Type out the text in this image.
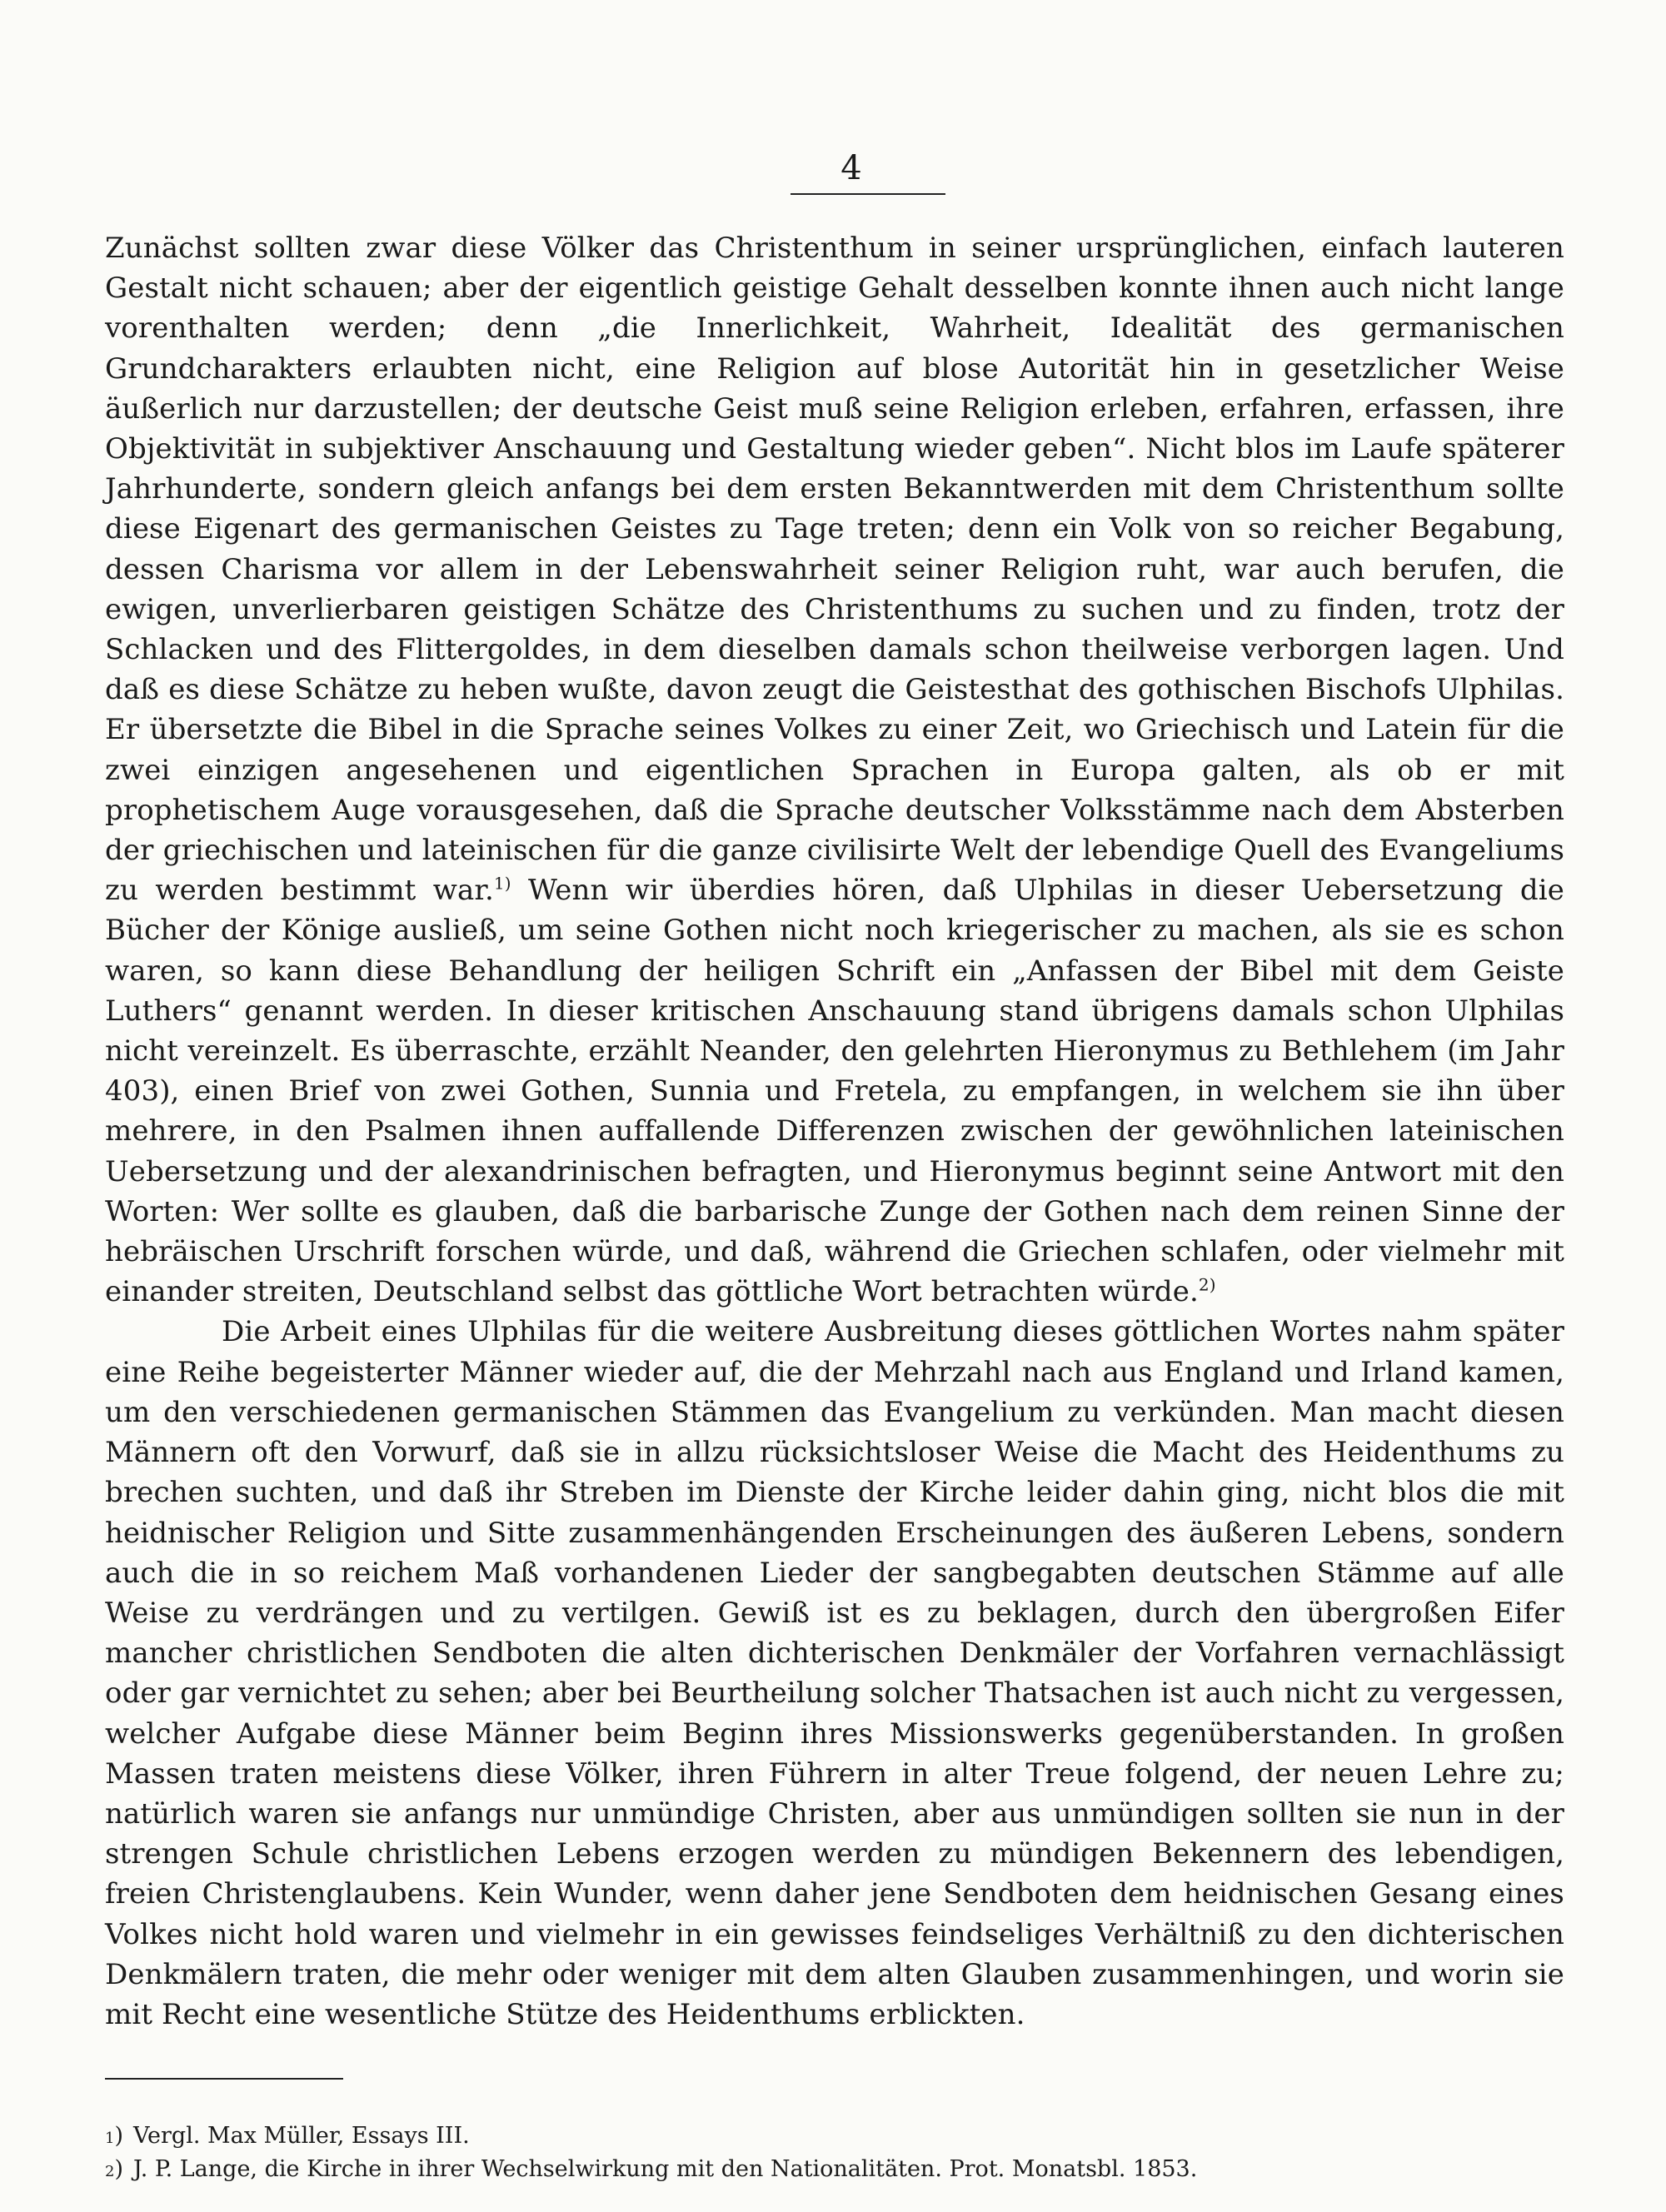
4

Zunächst sollten zwar diese Völker das Christenthum in seiner ursprünglichen, einfach lauteren Gestalt nicht schauen; aber der eigentlich geistige Gehalt desselben konnte ihnen auch nicht lange vorenthalten werden; denn „die Innerlichkeit, Wahrheit, Idealität des germanischen Grundcharakters erlaubten nicht, eine Religion auf blose Autorität hin in gesetzlicher Weise äußerlich nur darzustellen; der deutsche Geist muß seine Religion erleben, erfahren, erfassen, ihre Objektivität in subjektiver Anschauung und Gestaltung wieder geben“. Nicht blos im Laufe späterer Jahrhunderte, sondern gleich anfangs bei dem ersten Bekanntwerden mit dem Christenthum sollte diese Eigenart des germanischen Geistes zu Tage treten; denn ein Volk von so reicher Begabung, dessen Charisma vor allem in der Lebenswahrheit seiner Religion ruht, war auch berufen, die ewigen, unverlierbaren geistigen Schätze des Christenthums zu suchen und zu finden, trotz der Schlacken und des Flittergoldes, in dem dieselben damals schon theilweise verborgen lagen. Und daß es diese Schätze zu heben wußte, davon zeugt die Geistesthat des gothischen Bischofs Ulphilas. Er übersetzte die Bibel in die Sprache seines Volkes zu einer Zeit, wo Griechisch und Latein für die zwei einzigen angesehenen und eigentlichen Sprachen in Europa galten, als ob er mit prophetischem Auge vorausgesehen, daß die Sprache deutscher Volksstämme nach dem Absterben der griechischen und lateinischen für die ganze civilisirte Welt der lebendige Quell des Evangeliums zu werden bestimmt war.$^{1)}$ Wenn wir überdies hören, daß Ulphilas in dieser Uebersetzung die Bücher der Könige ausließ, um seine Gothen nicht noch kriegerischer zu machen, als sie es schon waren, so kann diese Behandlung der heiligen Schrift ein „Anfassen der Bibel mit dem Geiste Luthers“ genannt werden. In dieser kritischen Anschauung stand übrigens damals schon Ulphilas nicht vereinzelt. Es überraschte, erzählt Neander, den gelehrten Hieronymus zu Bethlehem (im Jahr 403), einen Brief von zwei Gothen, Sunnia und Fretela, zu empfangen, in welchem sie ihn über mehrere, in den Psalmen ihnen auffallende Differenzen zwischen der gewöhnlichen lateinischen Uebersetzung und der alexandrinischen befragten, und Hieronymus beginnt seine Antwort mit den Worten: Wer sollte es glauben, daß die barbarische Zunge der Gothen nach dem reinen Sinne der hebräischen Urschrift forschen würde, und daß, während die Griechen schlafen, oder vielmehr mit einander streiten, Deutschland selbst das göttliche Wort betrachten würde.$^{2)}$

Die Arbeit eines Ulphilas für die weitere Ausbreitung dieses göttlichen Wortes nahm später eine Reihe begeisterter Männer wieder auf, die der Mehrzahl nach aus England und Irland kamen, um den verschiedenen germanischen Stämmen das Evangelium zu verkünden. Man macht diesen Männern oft den Vorwurf, daß sie in allzu rücksichtsloser Weise die Macht des Heidenthums zu brechen suchten, und daß ihr Streben im Dienste der Kirche leider dahin ging, nicht blos die mit heidnischer Religion und Sitte zusammenhängenden Erscheinungen des äußeren Lebens, sondern auch die in so reichem Maß vorhandenen Lieder der sangbegabten deutschen Stämme auf alle Weise zu verdrängen und zu vertilgen. Gewiß ist es zu beklagen, durch den übergroßen Eifer mancher christlichen Sendboten die alten dichterischen Denkmäler der Vorfahren vernachlässigt oder gar vernichtet zu sehen; aber bei Beurtheilung solcher Thatsachen ist auch nicht zu vergessen, welcher Aufgabe diese Männer beim Beginn ihres Missionswerks gegenüberstanden. In großen Massen traten meistens diese Völker, ihren Führern in alter Treue folgend, der neuen Lehre zu; natürlich waren sie anfangs nur unmündige Christen, aber aus unmündigen sollten sie nun in der strengen Schule christlichen Lebens erzogen werden zu mündigen Bekennern des lebendigen, freien Christenglaubens. Kein Wunder, wenn daher jene Sendboten dem heidnischen Gesang eines Volkes nicht hold waren und vielmehr in ein gewisses feindseliges Verhältniß zu den dichterischen Denkmälern traten, die mehr oder weniger mit dem alten Glauben zusammenhingen, und worin sie mit Recht eine wesentliche Stütze des Heidenthums erblickten.

1 ) Vergl. Max Müller, Essays III.
2 ) J. P. Lange, die Kirche in ihrer Wechselwirkung mit den Nationalitäten. Prot. Monatsbl. 1853.
